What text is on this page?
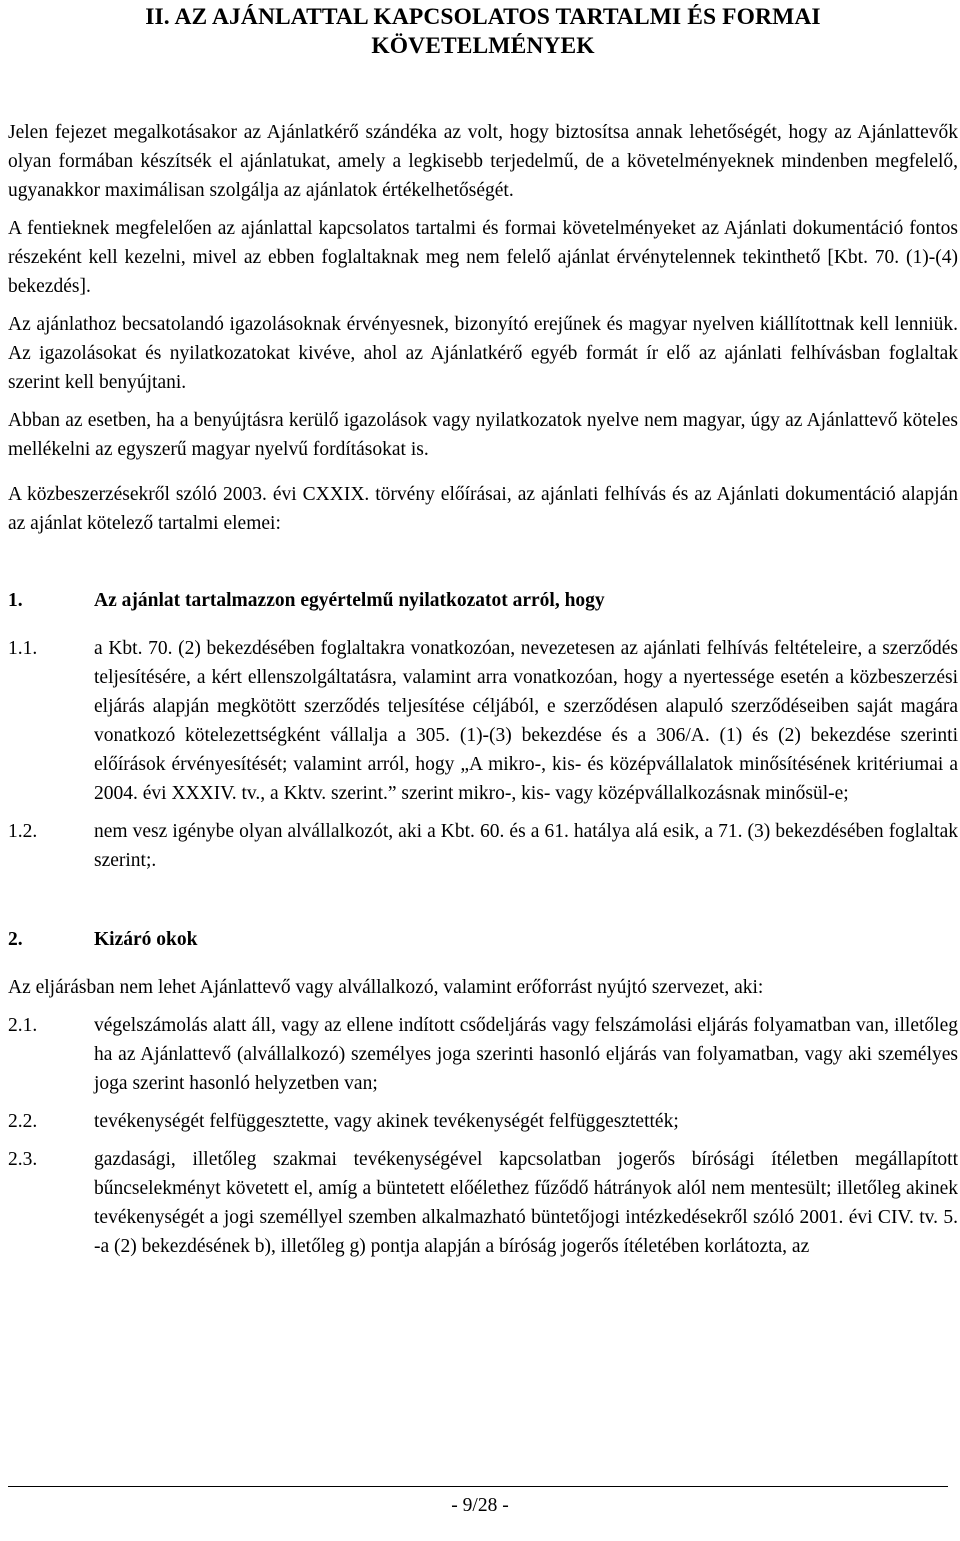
II. AZ AJÁNLATTAL KAPCSOLATOS TARTALMI ÉS FORMAI
KÖVETELMÉNYEK

Jelen fejezet megalkotásakor az Ajánlatkérő szándéka az volt, hogy biztosítsa annak lehetőségét, hogy az Ajánlattevők olyan formában készítsék el ajánlatukat, amely a legkisebb terjedelmű, de a követelményeknek mindenben megfelelő, ugyanakkor maximálisan szolgálja az ajánlatok értékelhetőségét.

A fentieknek megfelelően az ajánlattal kapcsolatos tartalmi és formai követelményeket az Ajánlati dokumentáció fontos részeként kell kezelni, mivel az ebben foglaltaknak meg nem felelő ajánlat érvénytelennek tekinthető [Kbt. 70. (1)-(4) bekezdés].

Az ajánlathoz becsatolandó igazolásoknak érvényesnek, bizonyító erejűnek és magyar nyelven kiállítottnak kell lenniük. Az igazolásokat és nyilatkozatokat kivéve, ahol az Ajánlatkérő egyéb formát ír elő az ajánlati felhívásban foglaltak szerint kell benyújtani.

Abban az esetben, ha a benyújtásra kerülő igazolások vagy nyilatkozatok nyelve nem magyar, úgy az Ajánlattevő köteles mellékelni az egyszerű magyar nyelvű fordításokat is.

A közbeszerzésekről szóló 2003. évi CXXIX. törvény előírásai, az ajánlati felhívás és az Ajánlati dokumentáció alapján az ajánlat kötelező tartalmi elemei:

1.	Az ajánlat tartalmazzon egyértelmű nyilatkozatot arról, hogy
1.1.	a Kbt. 70. (2) bekezdésében foglaltakra vonatkozóan, nevezetesen az ajánlati felhívás feltételeire, a szerződés teljesítésére, a kért ellenszolgáltatásra, valamint arra vonatkozóan, hogy a nyertessége esetén a közbeszerzési eljárás alapján megkötött szerződés teljesítése céljából, e szerződésen alapuló szerződéseiben saját magára vonatkozó kötelezettségként vállalja a 305. (1)-(3) bekezdése és a 306/A. (1) és (2) bekezdése szerinti előírások érvényesítését; valamint arról, hogy „A mikro-, kis- és középvállalatok minősítésének kritériumai a 2004. évi XXXIV. tv., a Kktv. szerint.” szerint mikro-, kis- vagy középvállalkozásnak minősül-e;
1.2.	nem vesz igénybe olyan alvállalkozót, aki a Kbt. 60. és a 61. hatálya alá esik, a 71. (3) bekezdésében foglaltak szerint;.
2.	Kizáró okok

Az eljárásban nem lehet Ajánlattevő vagy alvállalkozó, valamint erőforrást nyújtó szervezet, aki:

2.1.	végelszámolás alatt áll, vagy az ellene indított csődeljárás vagy felszámolási eljárás folyamatban van, illetőleg ha az Ajánlattevő (alvállalkozó) személyes joga szerinti hasonló eljárás van folyamatban, vagy aki személyes joga szerint hasonló helyzetben van;
2.2.	tevékenységét felfüggesztette, vagy akinek tevékenységét felfüggesztették;
2.3.	gazdasági, illetőleg szakmai tevékenységével kapcsolatban jogerős bírósági ítéletben megállapított bűncselekményt követett el, amíg a büntetett előélethez fűződő hátrányok alól nem mentesült; illetőleg akinek tevékenységét a jogi személlyel szemben alkalmazható büntetőjogi intézkedésekről szóló 2001. évi CIV. tv. 5. -a (2) bekezdésének b), illetőleg g) pontja alapján a bíróság jogerős ítéletében korlátozta, az
- 9/28 -
